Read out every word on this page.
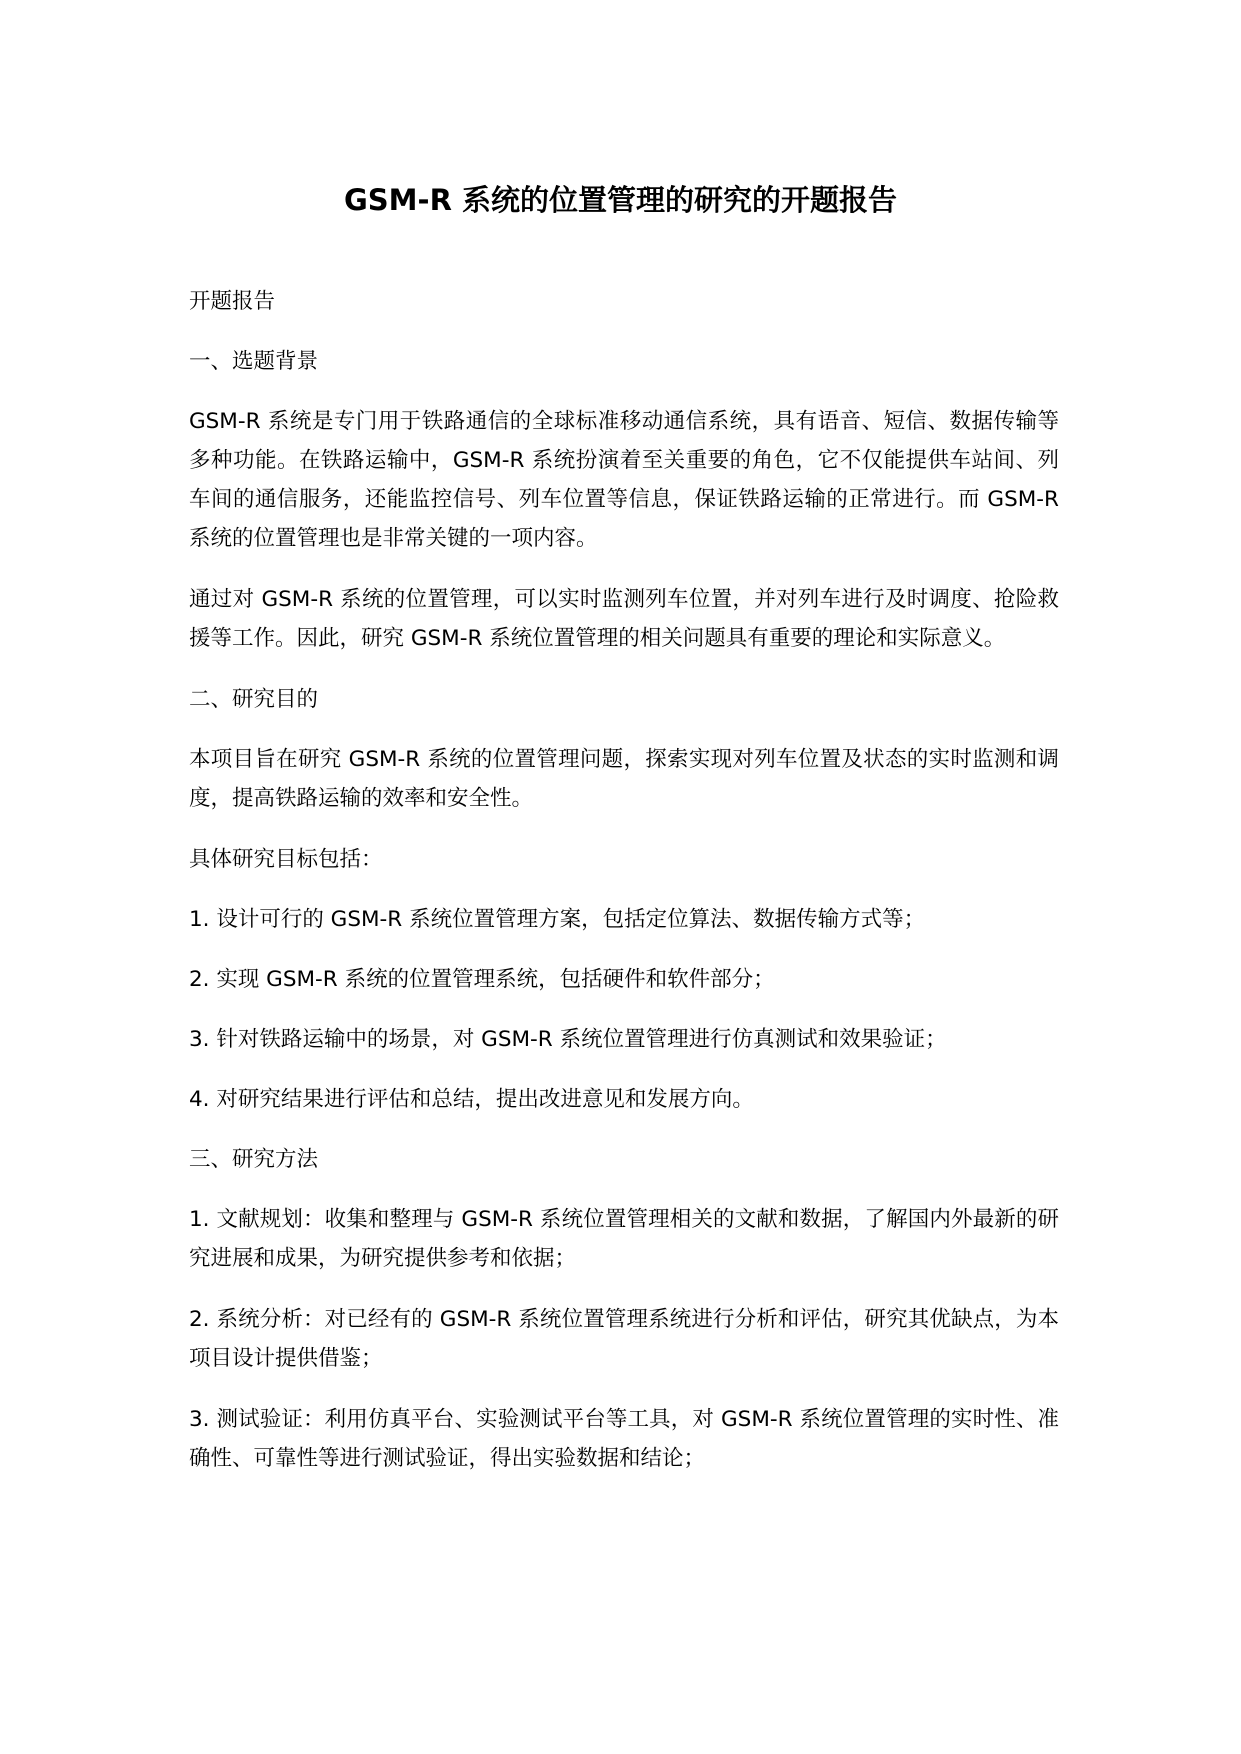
GSM-R 系统的位置管理的研究的开题报告

开题报告

一、选题背景

GSM-R 系统是专门用于铁路通信的全球标准移动通信系统，具有语音、短信、数据传输等多种功能。在铁路运输中，GSM-R 系统扮演着至关重要的角色，它不仅能提供车站间、列车间的通信服务，还能监控信号、列车位置等信息，保证铁路运输的正常进行。而 GSM-R 系统的位置管理也是非常关键的一项内容。

通过对 GSM-R 系统的位置管理，可以实时监测列车位置，并对列车进行及时调度、抢险救援等工作。因此，研究 GSM-R 系统位置管理的相关问题具有重要的理论和实际意义。

二、研究目的

本项目旨在研究 GSM-R 系统的位置管理问题，探索实现对列车位置及状态的实时监测和调度，提高铁路运输的效率和安全性。

具体研究目标包括：

1. 设计可行的 GSM-R 系统位置管理方案，包括定位算法、数据传输方式等；

2. 实现 GSM-R 系统的位置管理系统，包括硬件和软件部分；

3. 针对铁路运输中的场景，对 GSM-R 系统位置管理进行仿真测试和效果验证；

4. 对研究结果进行评估和总结，提出改进意见和发展方向。

三、研究方法

1. 文献规划：收集和整理与 GSM-R 系统位置管理相关的文献和数据，了解国内外最新的研究进展和成果，为研究提供参考和依据；

2. 系统分析：对已经有的 GSM-R 系统位置管理系统进行分析和评估，研究其优缺点，为本项目设计提供借鉴；

3. 测试验证：利用仿真平台、实验测试平台等工具，对 GSM-R 系统位置管理的实时性、准确性、可靠性等进行测试验证，得出实验数据和结论；
